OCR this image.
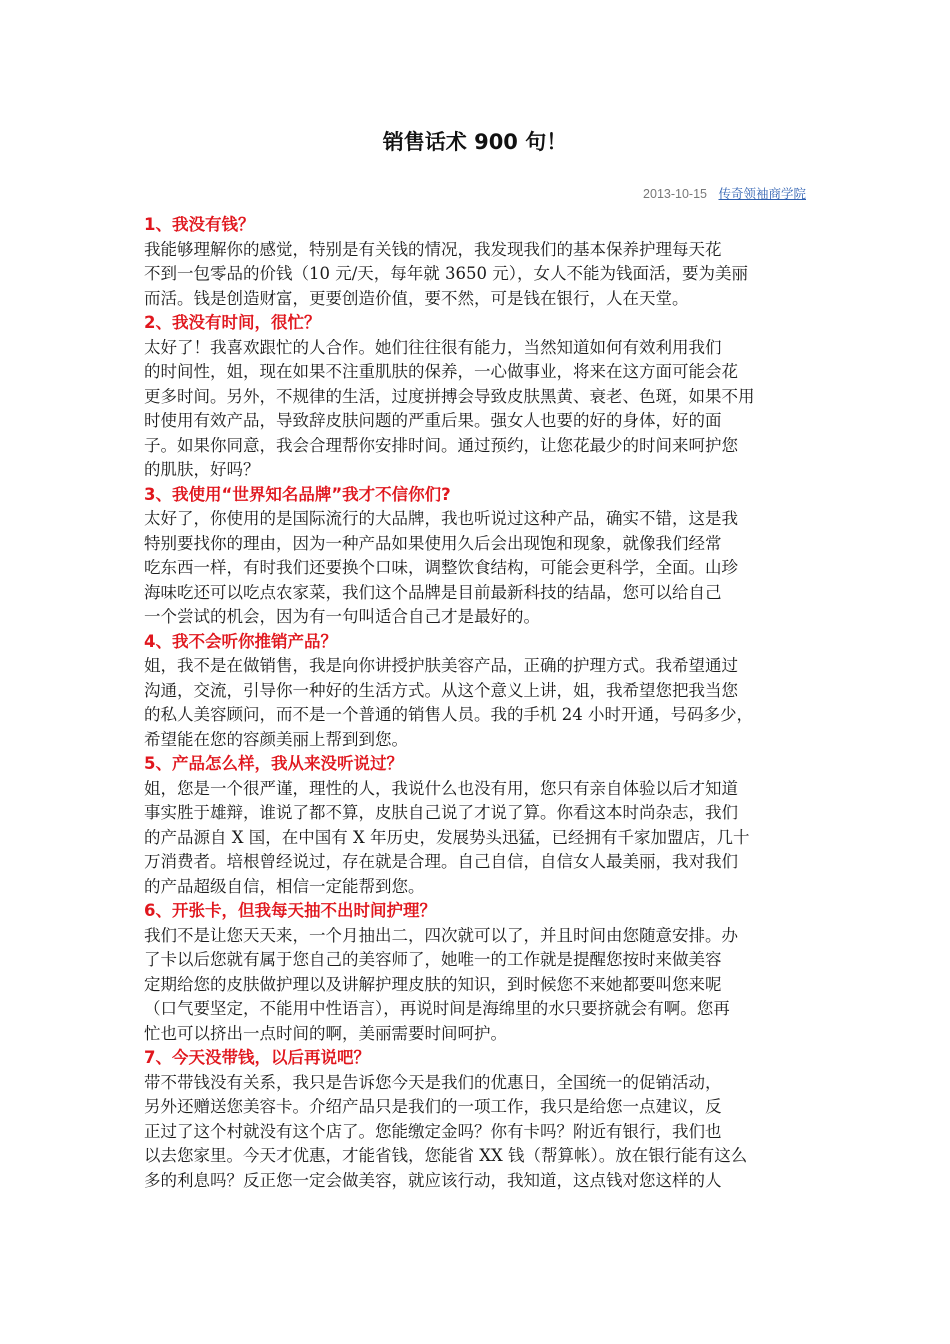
销售话术 900 句！
2013-10-15 传奇领袖商学院
1、我没有钱？
我能够理解你的感觉，特别是有关钱的情况，我发现我们的基本保养护理每天花
不到一包零品的价钱（10 元/天，每年就 3650 元），女人不能为钱面活，要为美丽
而活。钱是创造财富，更要创造价值，要不然，可是钱在银行，人在天堂。
2、我没有时间，很忙？
太好了！我喜欢跟忙的人合作。她们往往很有能力，当然知道如何有效利用我们
的时间性，姐，现在如果不注重肌肤的保养，一心做事业，将来在这方面可能会花
更多时间。另外，不规律的生活，过度拼搏会导致皮肤黑黄、衰老、色斑，如果不用
时使用有效产品，导致辞皮肤问题的严重后果。强女人也要的好的身体，好的面
子。如果你同意，我会合理帮你安排时间。通过预约，让您花最少的时间来呵护您
的肌肤，好吗？
3、我使用“世界知名品牌”我才不信你们?
太好了，你使用的是国际流行的大品牌，我也听说过这种产品，确实不错，这是我
特别要找你的理由，因为一种产品如果使用久后会出现饱和现象，就像我们经常
吃东西一样，有时我们还要换个口味，调整饮食结构，可能会更科学，全面。山珍
海味吃还可以吃点农家菜，我们这个品牌是目前最新科技的结晶，您可以给自己
一个尝试的机会，因为有一句叫适合自己才是最好的。
4、我不会听你推销产品？
姐，我不是在做销售，我是向你讲授护肤美容产品，正确的护理方式。我希望通过
沟通，交流，引导你一种好的生活方式。从这个意义上讲，姐，我希望您把我当您
的私人美容顾问，而不是一个普通的销售人员。我的手机 24 小时开通，号码多少，
希望能在您的容颜美丽上帮到到您。
5、产品怎么样，我从来没听说过？
姐，您是一个很严谨，理性的人，我说什么也没有用，您只有亲自体验以后才知道
事实胜于雄辩，谁说了都不算，皮肤自己说了才说了算。你看这本时尚杂志，我们
的产品源自 X 国，在中国有 X 年历史，发展势头迅猛，已经拥有千家加盟店，几十
万消费者。培根曾经说过，存在就是合理。自己自信，自信女人最美丽，我对我们
的产品超级自信，相信一定能帮到您。
6、开张卡，但我每天抽不出时间护理？
我们不是让您天天来，一个月抽出二，四次就可以了，并且时间由您随意安排。办
了卡以后您就有属于您自己的美容师了，她唯一的工作就是提醒您按时来做美容
定期给您的皮肤做护理以及讲解护理皮肤的知识，到时候您不来她都要叫您来呢
（口气要坚定，不能用中性语言），再说时间是海绵里的水只要挤就会有啊。您再
忙也可以挤出一点时间的啊，美丽需要时间呵护。
7、今天没带钱，以后再说吧？
带不带钱没有关系，我只是告诉您今天是我们的优惠日，全国统一的促销活动，
另外还赠送您美容卡。介绍产品只是我们的一项工作，我只是给您一点建议，反
正过了这个村就没有这个店了。您能缴定金吗？你有卡吗？附近有银行，我们也
以去您家里。今天才优惠，才能省钱，您能省 XX 钱（帮算帐）。放在银行能有这么
多的利息吗？反正您一定会做美容，就应该行动，我知道，这点钱对您这样的人
